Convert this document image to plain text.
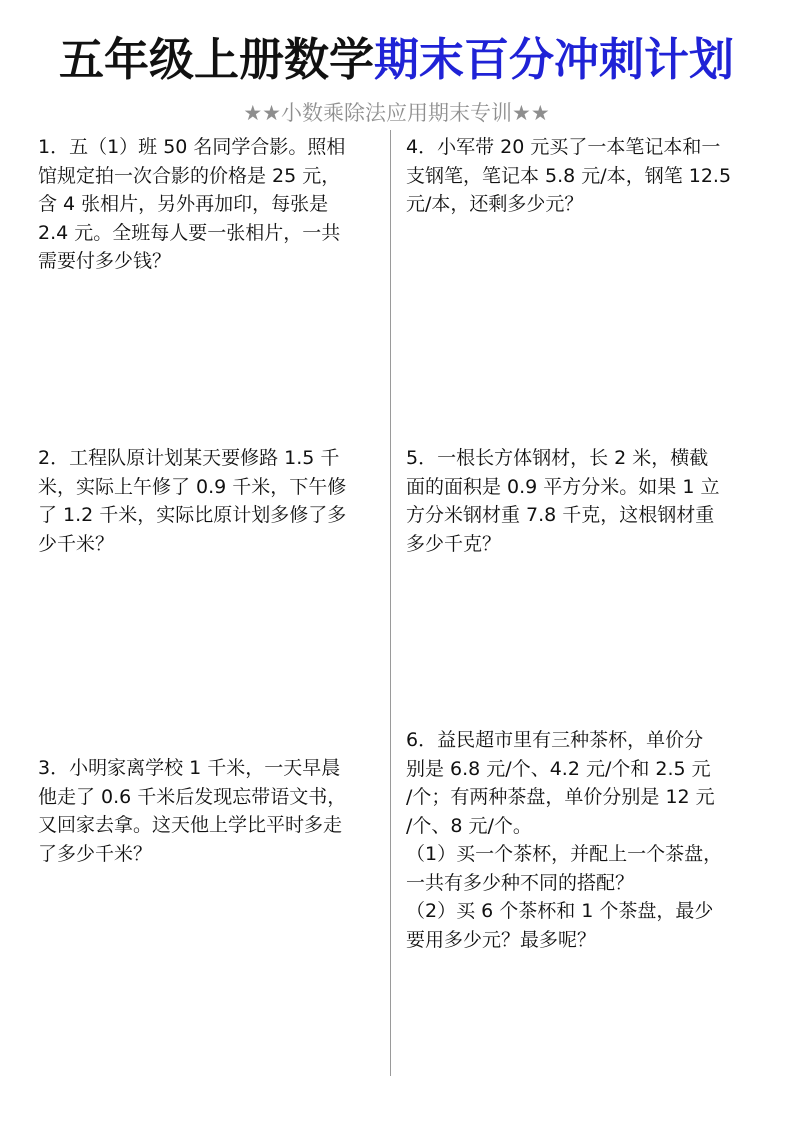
五年级上册数学期末百分冲刺计划
★★小数乘除法应用期末专训★★

1．五（1）班 50 名同学合影。照相

馆规定拍一次合影的价格是 25 元，

含 4 张相片，另外再加印，每张是

2.4 元。全班每人要一张相片，一共

需要付多少钱？

2．工程队原计划某天要修路 1.5 千

米，实际上午修了 0.9 千米，下午修

了 1.2 千米，实际比原计划多修了多

少千米？

3．小明家离学校 1 千米，一天早晨

他走了 0.6 千米后发现忘带语文书，

又回家去拿。这天他上学比平时多走

了多少千米？

4．小军带 20 元买了一本笔记本和一

支钢笔，笔记本 5.8 元/本，钢笔 12.5

元/本，还剩多少元？

5．一根长方体钢材，长 2 米，横截

面的面积是 0.9 平方分米。如果 1 立

方分米钢材重 7.8 千克，这根钢材重

多少千克？

6．益民超市里有三种茶杯，单价分

别是 6.8 元/个、4.2 元/个和 2.5 元

/个；有两种茶盘，单价分别是 12 元

/个、8 元/个。

（1）买一个茶杯，并配上一个茶盘，

一共有多少种不同的搭配？

（2）买 6 个茶杯和 1 个茶盘，最少

要用多少元？最多呢？
